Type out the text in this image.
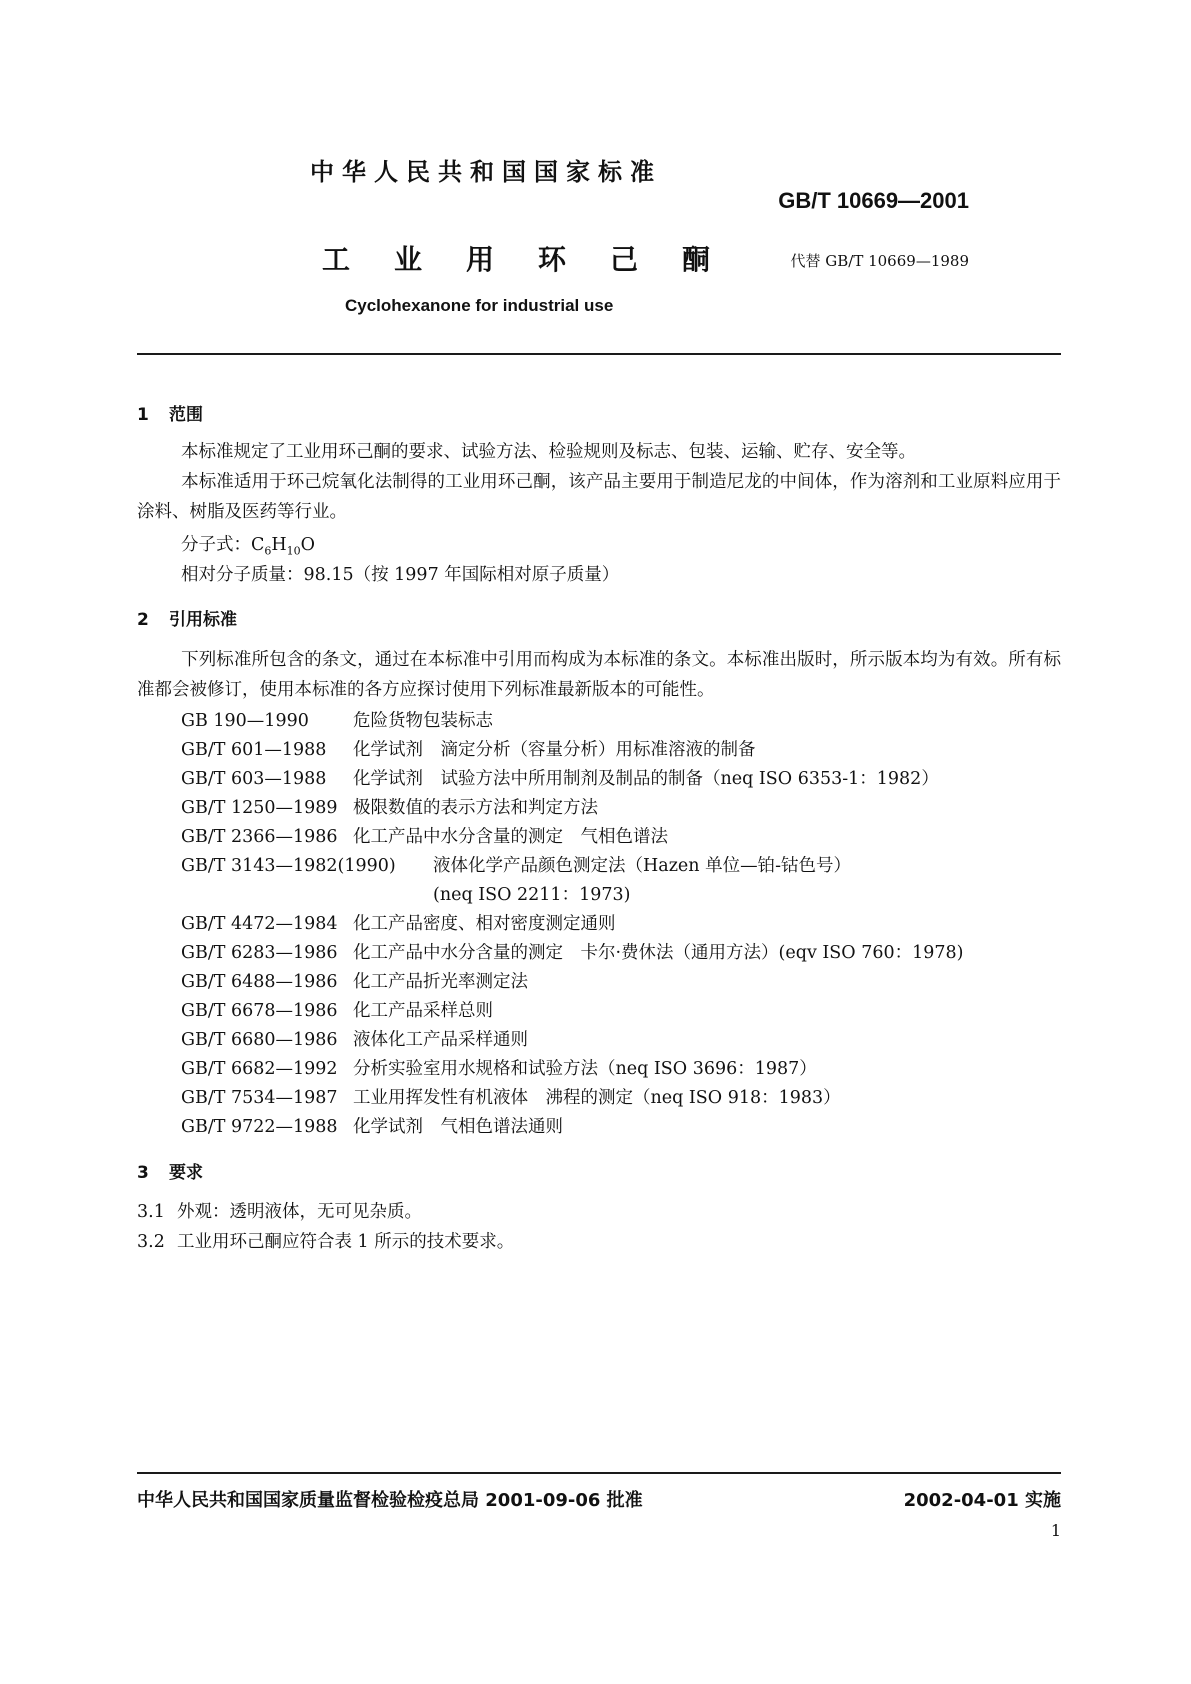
中华人民共和国国家标准
GB/T 10669—2001
工业用环己酮 代替 GB/T 10669—1989
Cyclohexanone for industrial use
1 范围
本标准规定了工业用环己酮的要求、试验方法、检验规则及标志、包装、运输、贮存、安全等。
本标准适用于环己烷氧化法制得的工业用环己酮，该产品主要用于制造尼龙的中间体，作为溶剂和工业原料应用于涂料、树脂及医药等行业。
分子式：$C_6H_{10}O$
相对分子质量：98.15（按 1997 年国际相对原子质量）
2 引用标准
下列标准所包含的条文，通过在本标准中引用而构成为本标准的条文。本标准出版时，所示版本均为有效。所有标准都会被修订，使用本标准的各方应探讨使用下列标准最新版本的可能性。
GB 190—1990	危险货物包装标志
GB/T 601—1988 化学试剂　滴定分析（容量分析）用标准溶液的制备
GB/T 603—1988 化学试剂　试验方法中所用制剂及制品的制备（neq ISO 6353-1：1982）
GB/T 1250—1989 极限数值的表示方法和判定方法
GB/T 2366—1986 化工产品中水分含量的测定　气相色谱法
GB/T 3143—1982(1990) 液体化学产品颜色测定法（Hazen 单位—铂-钴色号）
(neq ISO 2211：1973)
GB/T 4472—1984 化工产品密度、相对密度测定通则
GB/T 6283—1986 化工产品中水分含量的测定　卡尔·费休法（通用方法）(eqv ISO 760：1978)
GB/T 6488—1986 化工产品折光率测定法
GB/T 6678—1986 化工产品采样总则
GB/T 6680—1986 液体化工产品采样通则
GB/T 6682—1992 分析实验室用水规格和试验方法（neq ISO 3696：1987）
GB/T 7534—1987 工业用挥发性有机液体　沸程的测定（neq ISO 918：1983）
GB/T 9722—1988 化学试剂　气相色谱法通则
3 要求
3.1 外观：透明液体，无可见杂质。
3.2 工业用环己酮应符合表 1 所示的技术要求。
中华人民共和国国家质量监督检验检疫总局 2001-09-06 批准	2002-04-01 实施
1
